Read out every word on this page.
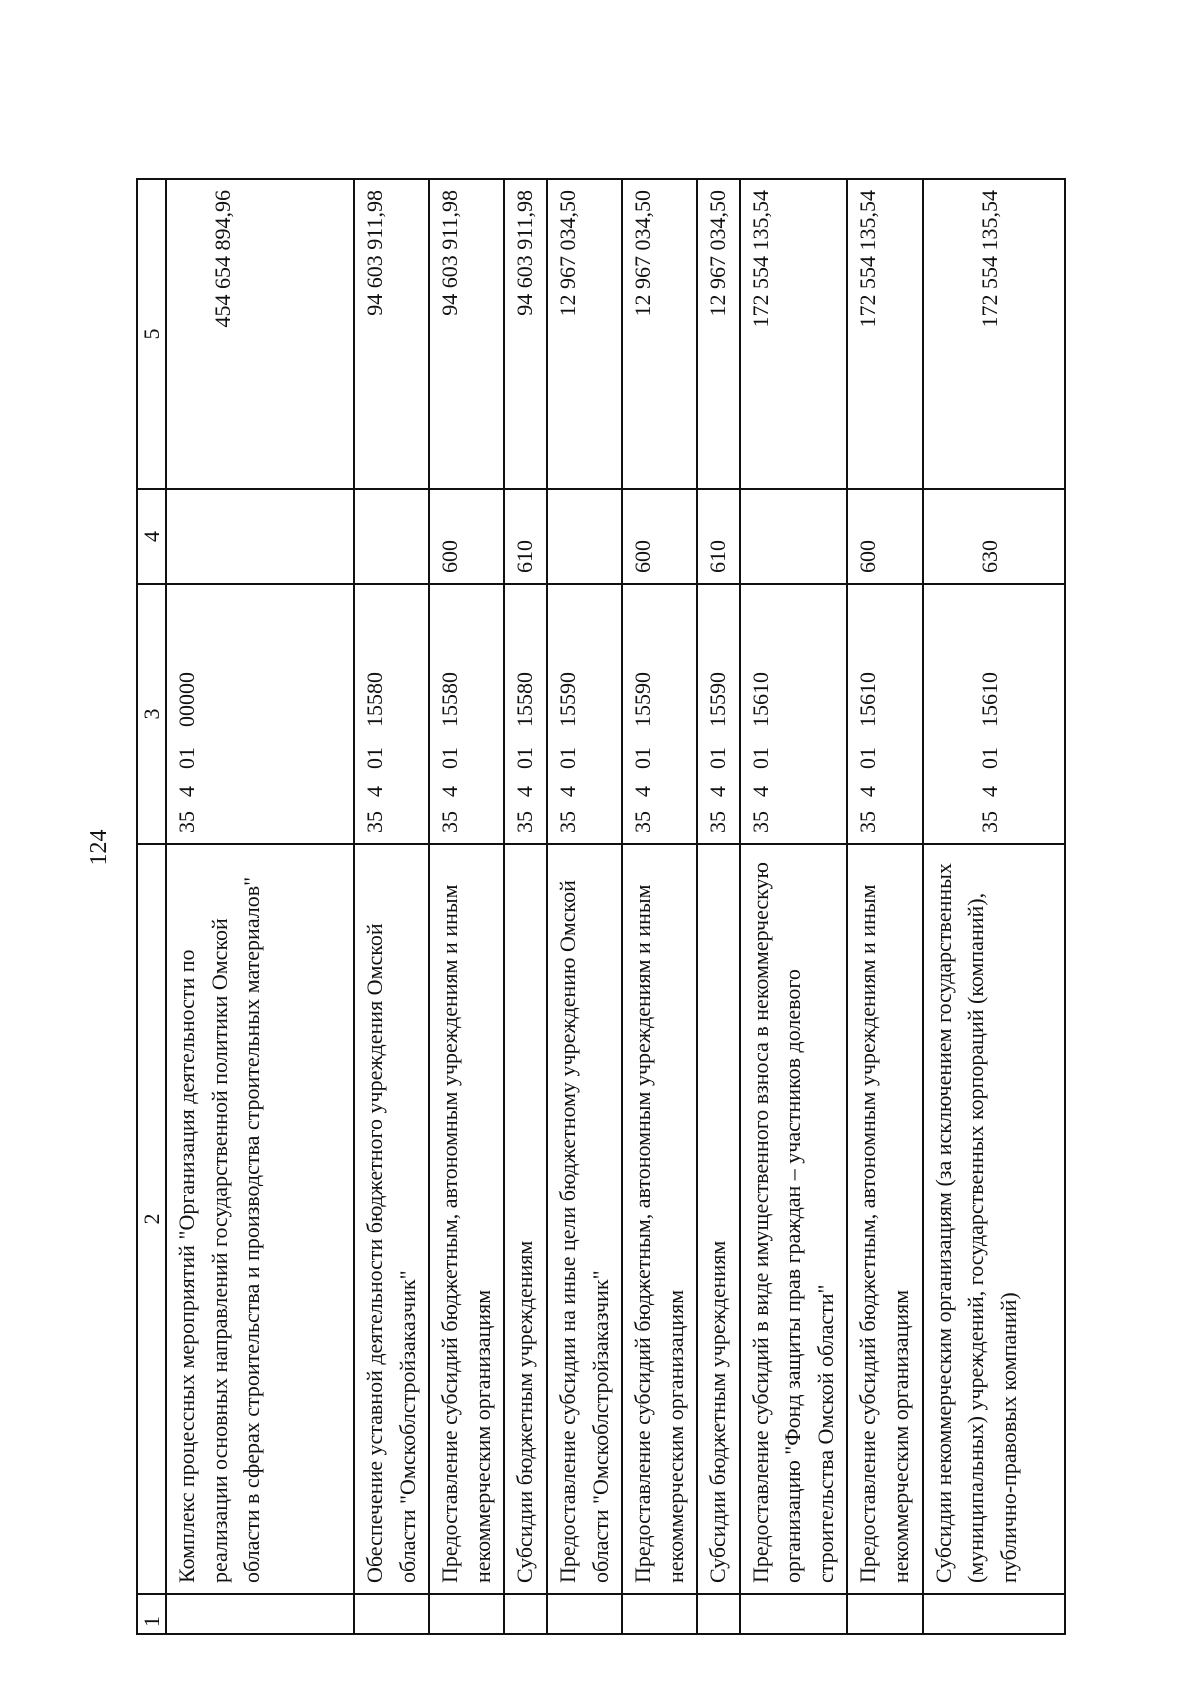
124
1	2	3	4	5
	Комплекс процессных мероприятий "Организация деятельности по реализации основных направлений государственной политики Омской области в сферах строительства и производства строительных материалов"	3540100000		454 654 894,96
	Обеспечение уставной деятельности бюджетного учреждения Омской области "Омскоблстройзаказчик"	3540115580		94 603 911,98
	Предоставление субсидий бюджетным, автономным учреждениям и иным некоммерческим организациям	3540115580	600	94 603 911,98
	Субсидии бюджетным учреждениям	3540115580	610	94 603 911,98
	Предоставление субсидии на иные цели бюджетному учреждению Омской области "Омскоблстройзаказчик"	3540115590		12 967 034,50
	Предоставление субсидий бюджетным, автономным учреждениям и иным некоммерческим организациям	3540115590	600	12 967 034,50
	Субсидии бюджетным учреждениям	3540115590	610	12 967 034,50
	Предоставление субсидий в виде имущественного взноса в некоммерческую организацию "Фонд защиты прав граждан – участников долевого строительства Омской области"	3540115610		172 554 135,54
	Предоставление субсидий бюджетным, автономным учреждениям и иным некоммерческим организациям	3540115610	600	172 554 135,54
	Субсидии некоммерческим организациям (за исключением государственных (муниципальных) учреждений, государственных корпораций (компаний), публично-правовых компаний)	3540115610	630	172 554 135,54
